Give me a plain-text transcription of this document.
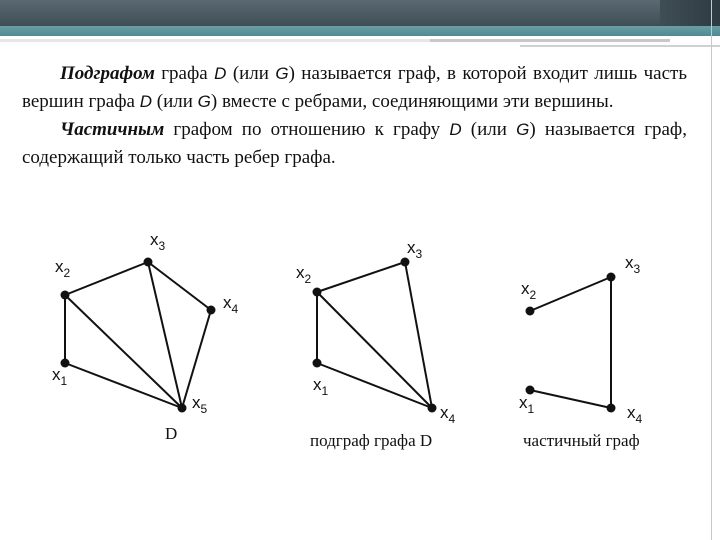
Подграфом графа D (или G) называется граф, в которой входит лишь часть вершин графа D (или G) вместе с ребрами, соединяющими эти вершины.

Частичным графом по отношению к графу D (или G) называется граф, содержащий только часть ребер графа.

$x_1$
$x_2$
$x_3$
$x_4$
$x_5$
D
$x_2$
$x_3$
$x_1$
$x_4$
подграф графа D
$x_2$
$x_3$
$x_1$	$x_4$
частичный граф
